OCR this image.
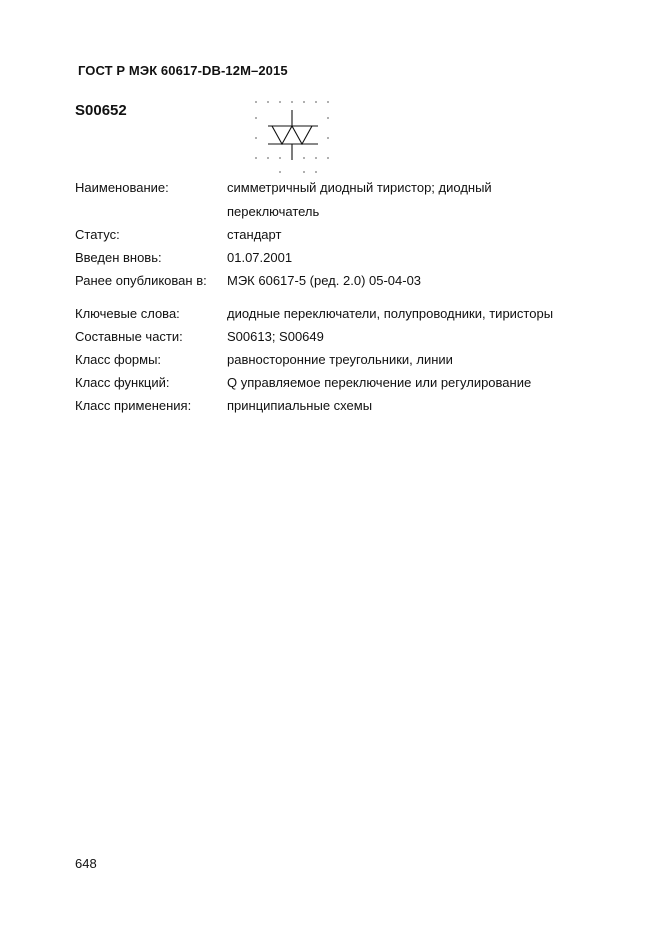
ГОСТ Р МЭК 60617-DB-12M–2015
S00652
Наименование:	симметричный диодный тиристор; диодный
переключатель
Статус:	стандарт
Введен вновь:	01.07.2001
Ранее опубликован в: МЭК 60617-5 (ред. 2.0) 05-04-03
Ключевые слова:	диодные переключатели, полупроводники, тиристоры
Составные части:	S00613; S00649
Класс формы:	равносторонние треугольники, линии
Класс функций:	Q управляемое переключение или регулирование
Класс применения:	принципиальные схемы
648
